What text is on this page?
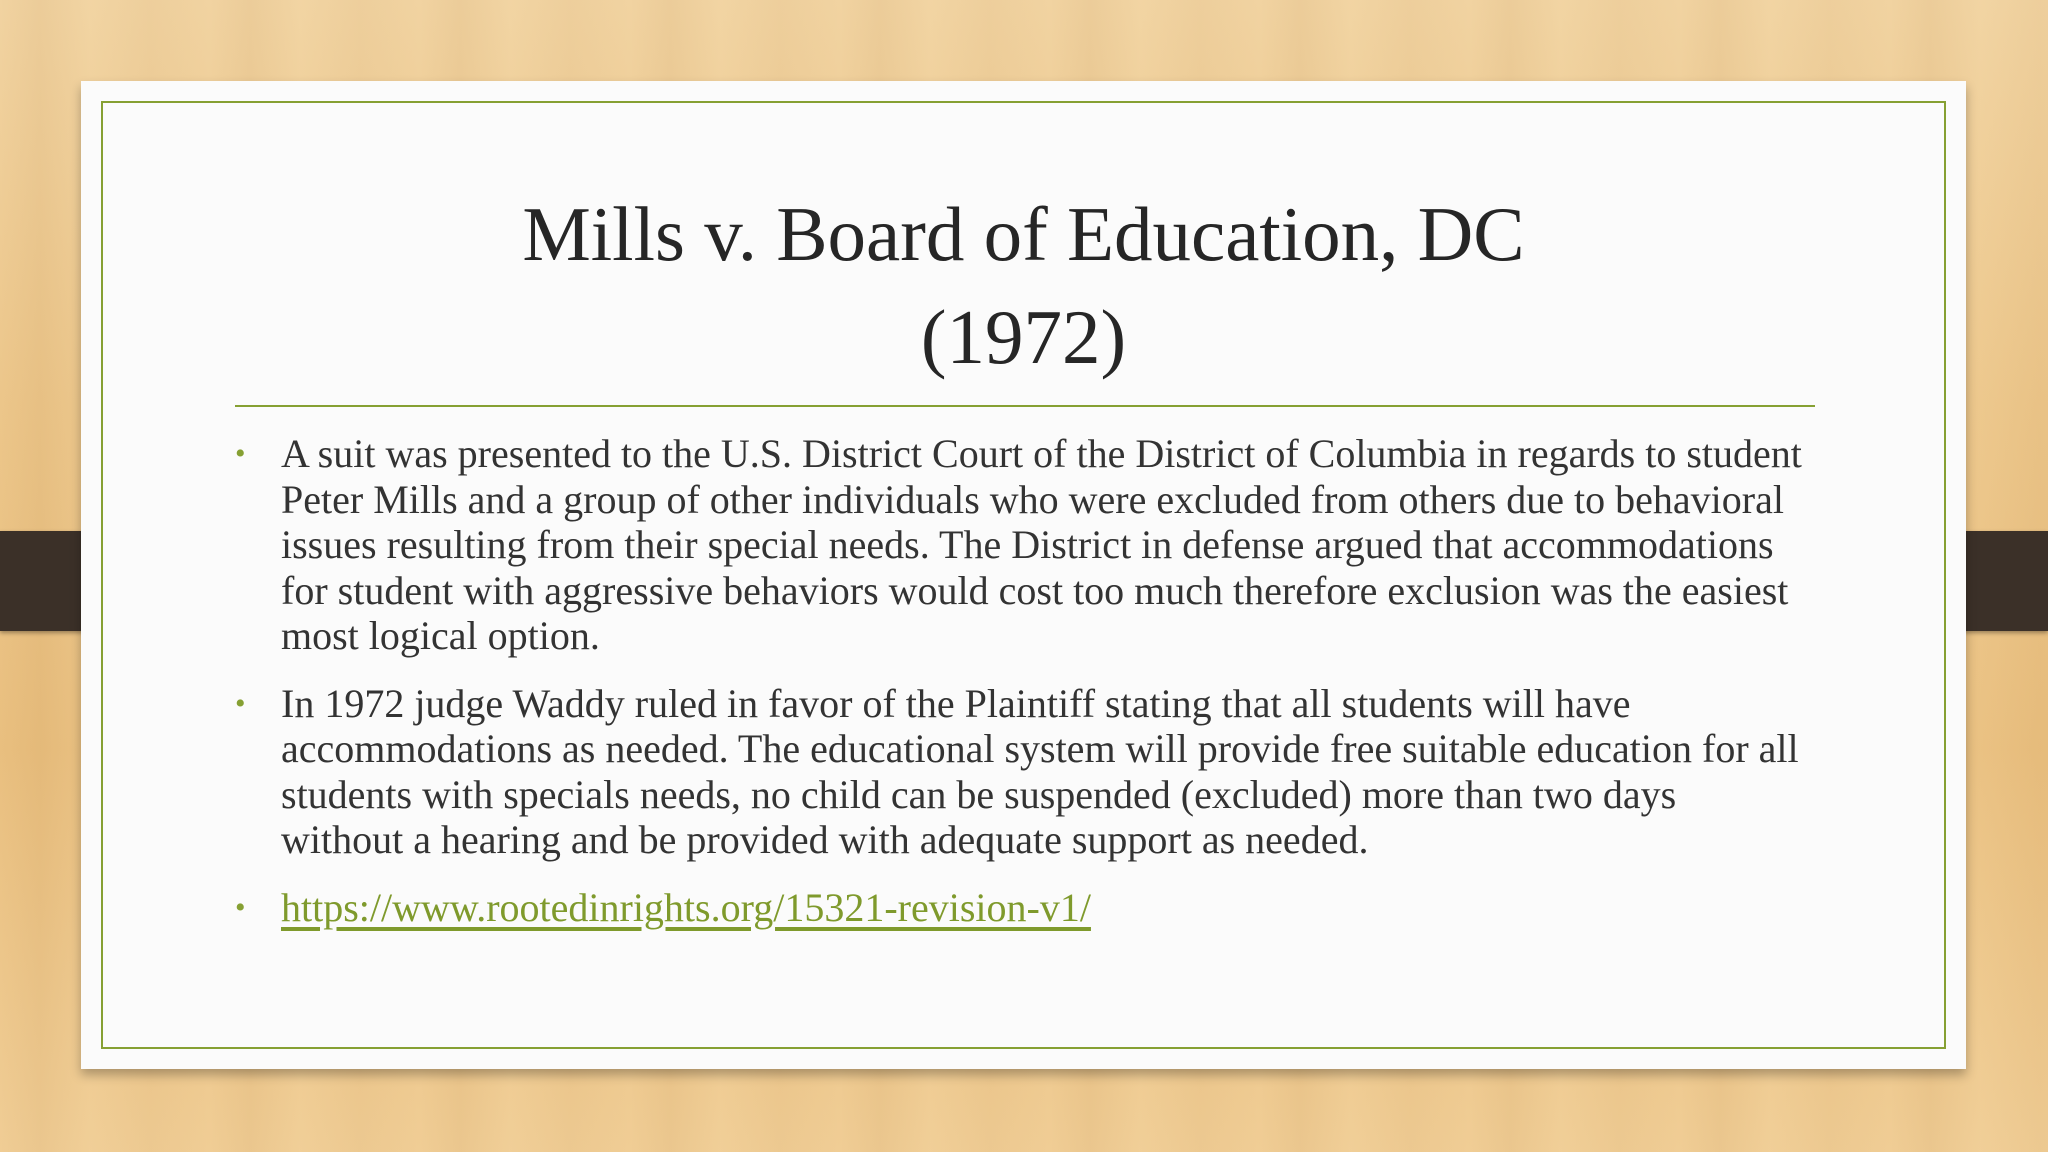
Mills v. Board of Education, DC
(1972)
• A suit was presented to the U.S. District Court of the District of Columbia in regards to student Peter Mills and a group of other individuals who were excluded from others due to behavioral issues resulting from their special needs. The District in defense argued that accommodations for student with aggressive behaviors would cost too much therefore exclusion was the easiest most logical option.
• In 1972 judge Waddy ruled in favor of the Plaintiff stating that all students will have accommodations as needed. The educational system will provide free suitable education for all students with specials needs, no child can be suspended (excluded) more than two days without a hearing and be provided with adequate support as needed.
• https://www.rootedinrights.org/15321-revision-v1/
